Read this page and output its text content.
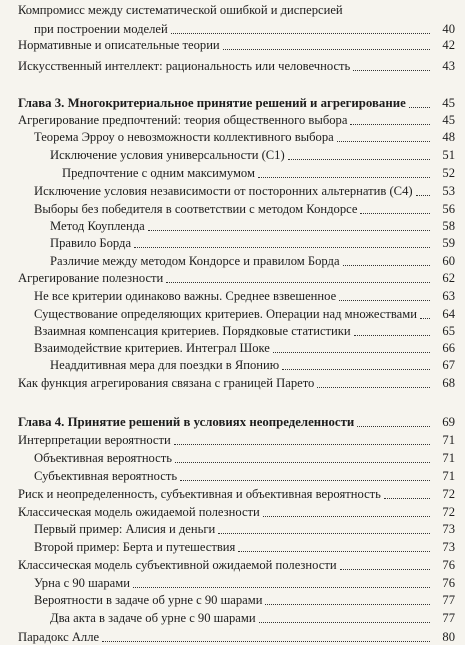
Компромисс между систематической ошибкой и дисперсией
при построении моделей	40
Нормативные и описательные теории	42
Искусственный интеллект: рациональность или человечность	43
Глава 3. Многокритериальное принятие решений и агрегирование	45
Агрегирование предпочтений: теория общественного выбора	45
Теорема Эрроу о невозможности коллективного выбора	48
Исключение условия универсальности (C1)	51
Предпочтение с одним максимумом	52
Исключение условия независимости от посторонних альтернатив (C4)	53
Выборы без победителя в соответствии с методом Кондорсе	56
Метод Коупленда	58
Правило Борда	59
Различие между методом Кондорсе и правилом Борда	60
Агрегирование полезности	62
Не все критерии одинаково важны. Среднее взвешенное	63
Существование определяющих критериев. Операции над множествами	64
Взаимная компенсация критериев. Порядковые статистики	65
Взаимодействие критериев. Интеграл Шоке	66
Неаддитивная мера для поездки в Японию	67
Как функция агрегирования связана с границей Парето	68
Глава 4. Принятие решений в условиях неопределенности	69
Интерпретации вероятности	71
Объективная вероятность	71
Субъективная вероятность	71
Риск и неопределенность, субъективная и объективная вероятность	72
Классическая модель ожидаемой полезности	72
Первый пример: Алисия и деньги	73
Второй пример: Берта и путешествия	73
Классическая модель субъективной ожидаемой полезности	76
Урна с 90 шарами	76
Вероятности в задаче об урне с 90 шарами	77
Два акта в задаче об урне с 90 шарами	77
Парадокс Алле	80
